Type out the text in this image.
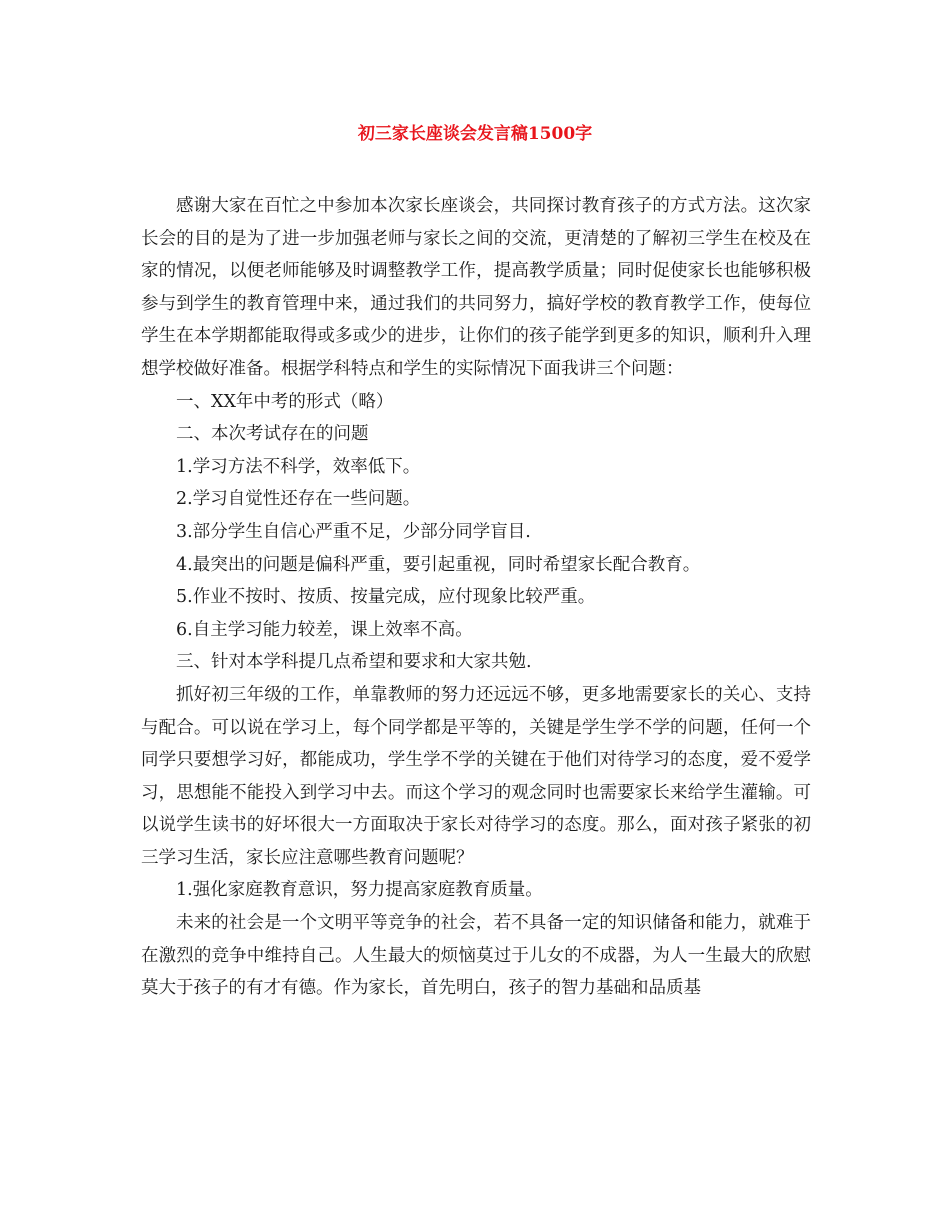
初三家长座谈会发言稿1500字

感谢大家在百忙之中参加本次家长座谈会，共同探讨教育孩子的方式方法。这次家长会的目的是为了进一步加强老师与家长之间的交流，更清楚的了解初三学生在校及在家的情况，以便老师能够及时调整教学工作，提高教学质量；同时促使家长也能够积极参与到学生的教育管理中来，通过我们的共同努力，搞好学校的教育教学工作，使每位学生在本学期都能取得或多或少的进步，让你们的孩子能学到更多的知识，顺利升入理想学校做好准备。根据学科特点和学生的实际情况下面我讲三个问题：

一、XX年中考的形式（略）

二、本次考试存在的问题

1.学习方法不科学，效率低下。

2.学习自觉性还存在一些问题。

3.部分学生自信心严重不足，少部分同学盲目.

4.最突出的问题是偏科严重，要引起重视，同时希望家长配合教育。

5.作业不按时、按质、按量完成，应付现象比较严重。

6.自主学习能力较差，课上效率不高。

三、针对本学科提几点希望和要求和大家共勉.

抓好初三年级的工作，单靠教师的努力还远远不够，更多地需要家长的关心、支持与配合。可以说在学习上，每个同学都是平等的，关键是学生学不学的问题，任何一个同学只要想学习好，都能成功，学生学不学的关键在于他们对待学习的态度，爱不爱学习，思想能不能投入到学习中去。而这个学习的观念同时也需要家长来给学生灌输。可以说学生读书的好坏很大一方面取决于家长对待学习的态度。那么，面对孩子紧张的初三学习生活，家长应注意哪些教育问题呢？

1.强化家庭教育意识，努力提高家庭教育质量。

未来的社会是一个文明平等竞争的社会，若不具备一定的知识储备和能力，就难于在激烈的竞争中维持自己。人生最大的烦恼莫过于儿女的不成器，为人一生最大的欣慰莫大于孩子的有才有德。作为家长，首先明白，孩子的智力基础和品质基
